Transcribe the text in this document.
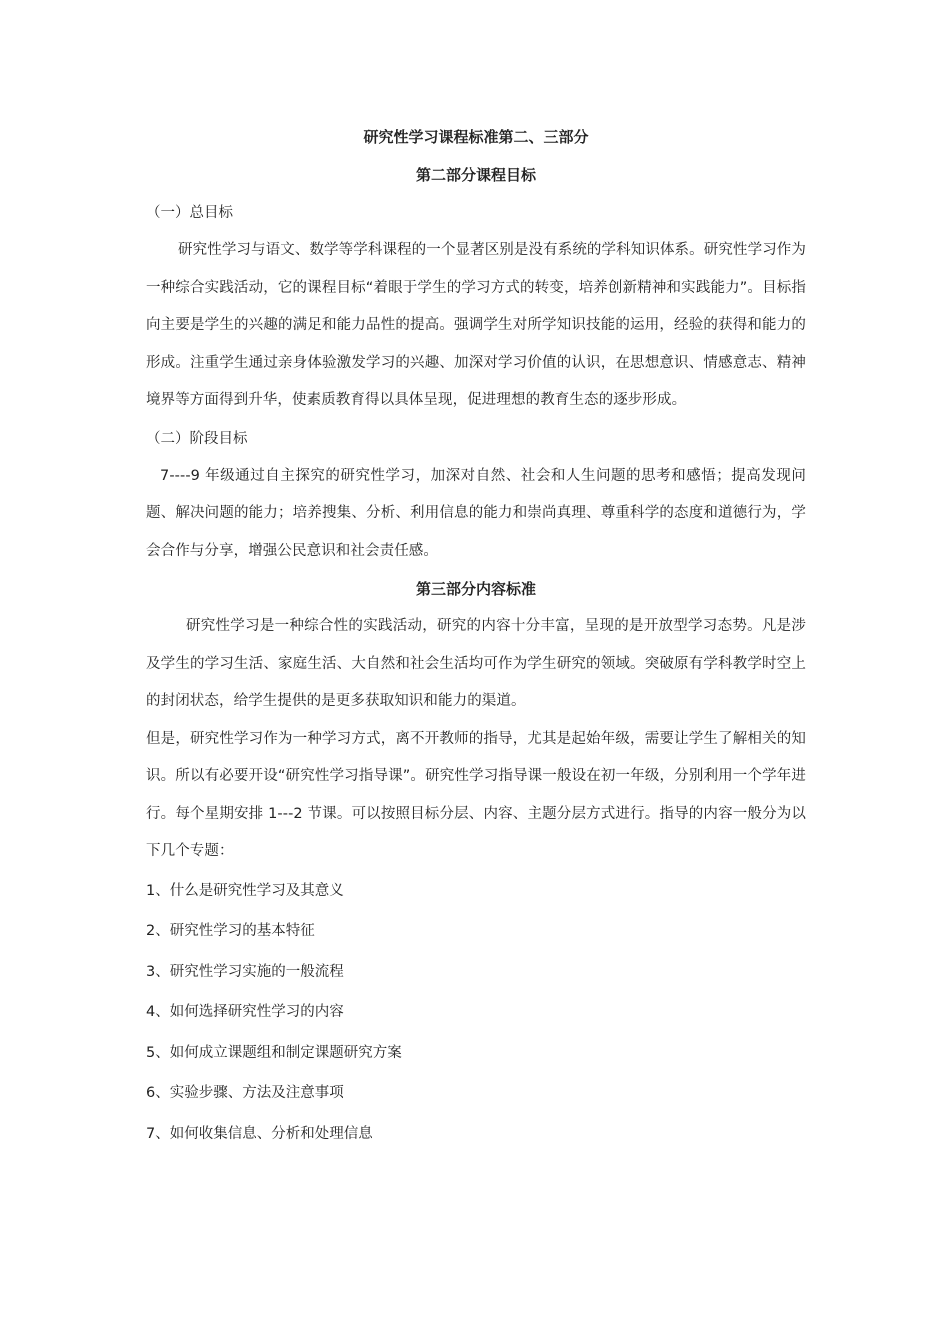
研究性学习课程标准第二、三部分

第二部分课程目标

（一）总目标

研究性学习与语文、数学等学科课程的一个显著区别是没有系统的学科知识体系。研究性学习作为一种综合实践活动，它的课程目标“着眼于学生的学习方式的转变，培养创新精神和实践能力”。目标指向主要是学生的兴趣的满足和能力品性的提高。强调学生对所学知识技能的运用，经验的获得和能力的形成。注重学生通过亲身体验激发学习的兴趣、加深对学习价值的认识，在思想意识、情感意志、精神境界等方面得到升华，使素质教育得以具体呈现，促进理想的教育生态的逐步形成。

（二）阶段目标

7----9 年级通过自主探究的研究性学习，加深对自然、社会和人生问题的思考和感悟；提高发现问题、解决问题的能力；培养搜集、分析、利用信息的能力和崇尚真理、尊重科学的态度和道德行为，学会合作与分享，增强公民意识和社会责任感。

第三部分内容标准

研究性学习是一种综合性的实践活动，研究的内容十分丰富，呈现的是开放型学习态势。凡是涉及学生的学习生活、家庭生活、大自然和社会生活均可作为学生研究的领域。突破原有学科教学时空上的封闭状态，给学生提供的是更多获取知识和能力的渠道。

但是，研究性学习作为一种学习方式，离不开教师的指导，尤其是起始年级，需要让学生了解相关的知识。所以有必要开设“研究性学习指导课”。研究性学习指导课一般设在初一年级，分别利用一个学年进行。每个星期安排 1---2 节课。可以按照目标分层、内容、主题分层方式进行。指导的内容一般分为以下几个专题：

1、什么是研究性学习及其意义
2、研究性学习的基本特征
3、研究性学习实施的一般流程
4、如何选择研究性学习的内容
5、如何成立课题组和制定课题研究方案
6、实验步骤、方法及注意事项
7、如何收集信息、分析和处理信息
